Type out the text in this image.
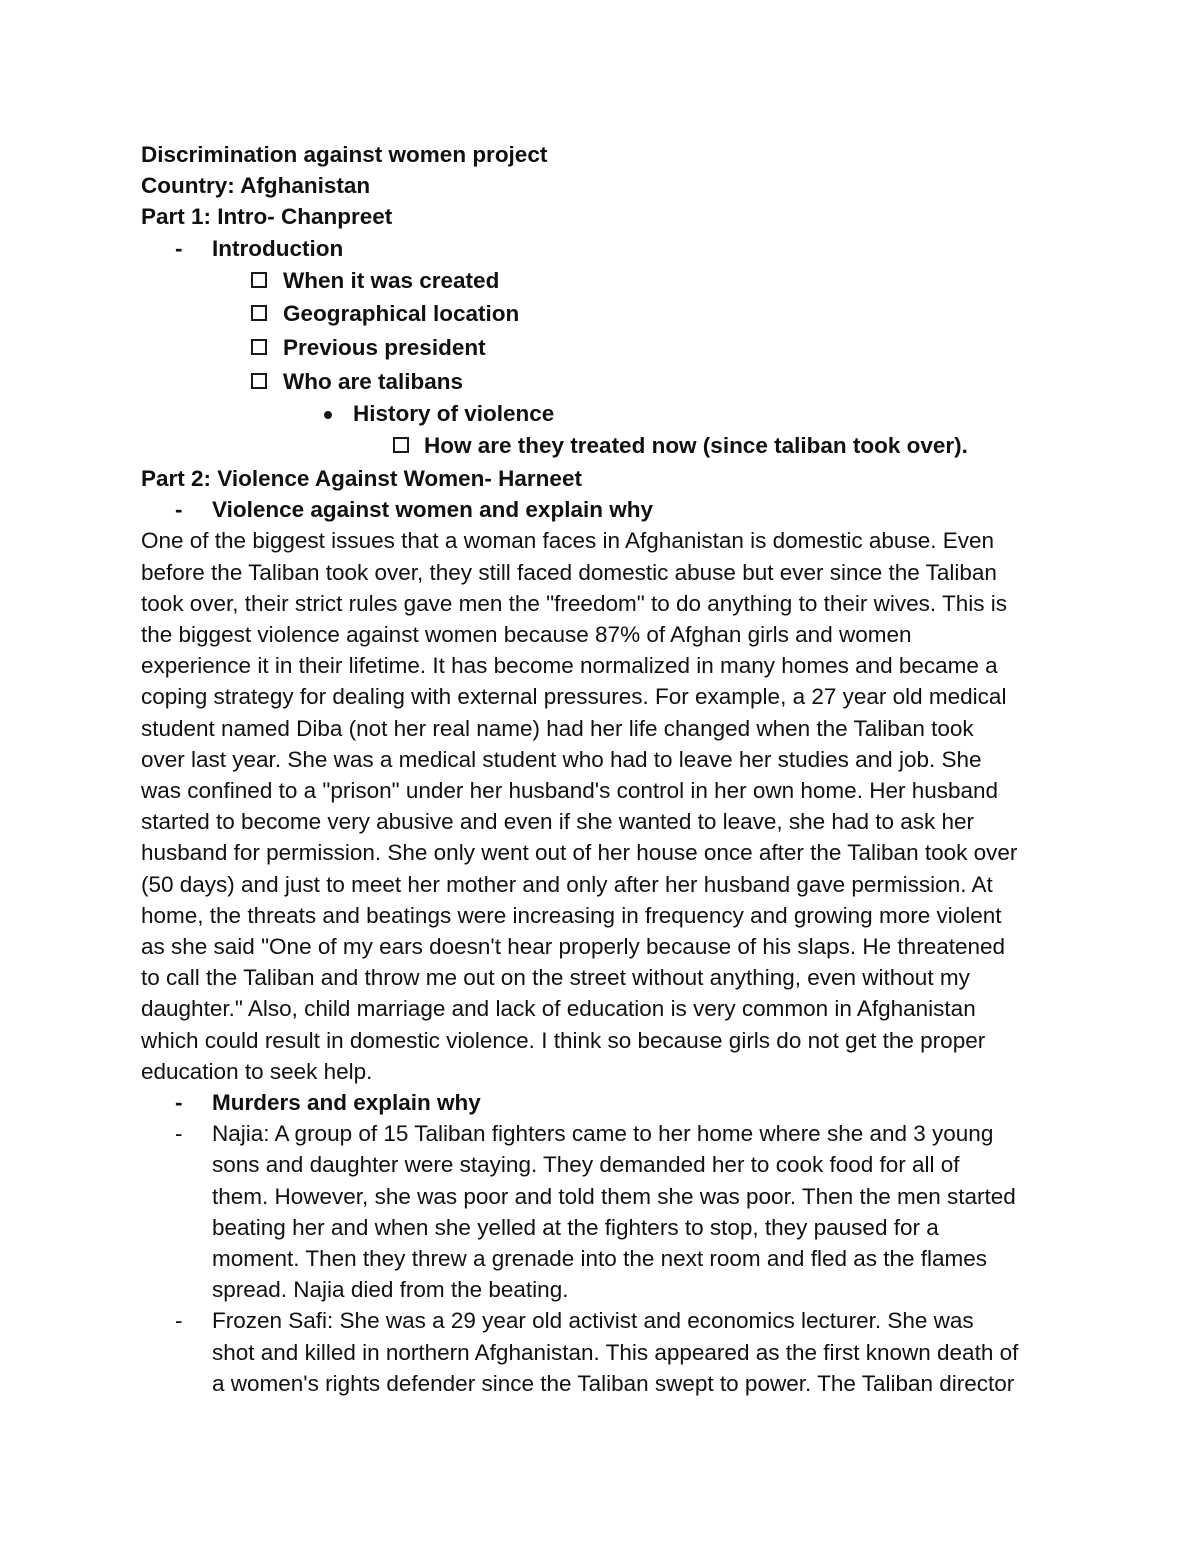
Discrimination against women project
Country: Afghanistan
Part 1: Intro- Chanpreet
- Introduction
When it was created
Geographical location
Previous president
Who are talibans
History of violence
How are they treated now (since taliban took over).
Part 2: Violence Against Women- Harneet
- Violence against women and explain why
One of the biggest issues that a woman faces in Afghanistan is domestic abuse. Even
before the Taliban took over, they still faced domestic abuse but ever since the Taliban
took over, their strict rules gave men the "freedom" to do anything to their wives. This is
the biggest violence against women because 87% of Afghan girls and women
experience it in their lifetime. It has become normalized in many homes and became a
coping strategy for dealing with external pressures. For example, a 27 year old medical
student named Diba (not her real name) had her life changed when the Taliban took
over last year. She was a medical student who had to leave her studies and job. She
was confined to a "prison" under her husband's control in her own home. Her husband
started to become very abusive and even if she wanted to leave, she had to ask her
husband for permission. She only went out of her house once after the Taliban took over
(50 days) and just to meet her mother and only after her husband gave permission. At
home, the threats and beatings were increasing in frequency and growing more violent
as she said "One of my ears doesn't hear properly because of his slaps. He threatened
to call the Taliban and throw me out on the street without anything, even without my
daughter." Also, child marriage and lack of education is very common in Afghanistan
which could result in domestic violence. I think so because girls do not get the proper
education to seek help.
- Murders and explain why
- Najia: A group of 15 Taliban fighters came to her home where she and 3 young
sons and daughter were staying. They demanded her to cook food for all of
them. However, she was poor and told them she was poor. Then the men started
beating her and when she yelled at the fighters to stop, they paused for a
moment. Then they threw a grenade into the next room and fled as the flames
spread. Najia died from the beating.
- Frozen Safi: She was a 29 year old activist and economics lecturer. She was
shot and killed in northern Afghanistan. This appeared as the first known death of
a women's rights defender since the Taliban swept to power. The Taliban director
